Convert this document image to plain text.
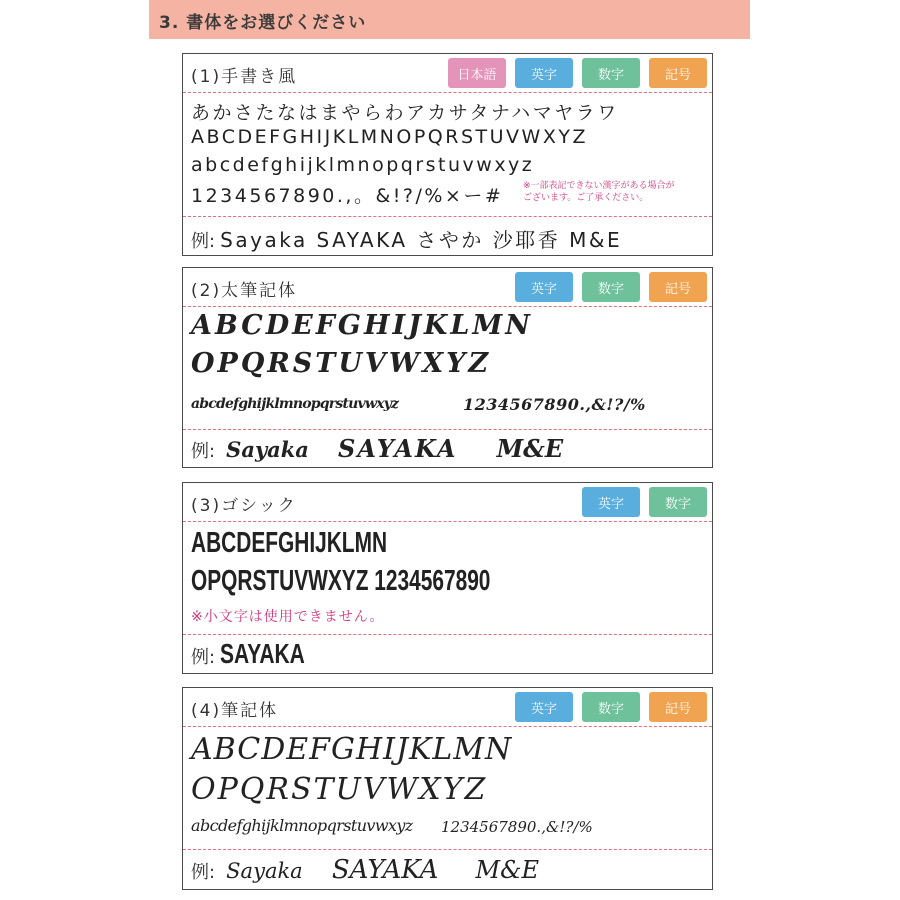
3. 書体をお選びください
(1)手書き風	日本語	英字	数字	記号
あかさたなはまやらわアカサタナハマヤラワ
ABCDEFGHIJKLMNOPQRSTUVWXYZ
abcdefghijklmnopqrstuvwxyz
1234567890.,。&!?/%×ー# ※一部表記できない漢字がある場合が
ございます。ご了承ください。
例: Sayaka SAYAKA さやか 沙耶香 M&E
(2)太筆記体	英字	数字	記号
ABCDEFGHIJKLMN
OPQRSTUVWXYZ
abcdefghijklmnopqrstuvwxyz	1234567890.,&!?/%
例: Sayaka SAYAKA M&E
(3)ゴシック	英字	数字
ABCDEFGHIJKLMN
OPQRSTUVWXYZ 1234567890
※小文字は使用できません。
例: SAYAKA
(4)筆記体	英字	数字	記号
ABCDEFGHIJKLMN
OPQRSTUVWXYZ
abcdefghijklmnopqrstuvwxyz 1234567890.,&!?/%
例: Sayaka SAYAKA M&E
